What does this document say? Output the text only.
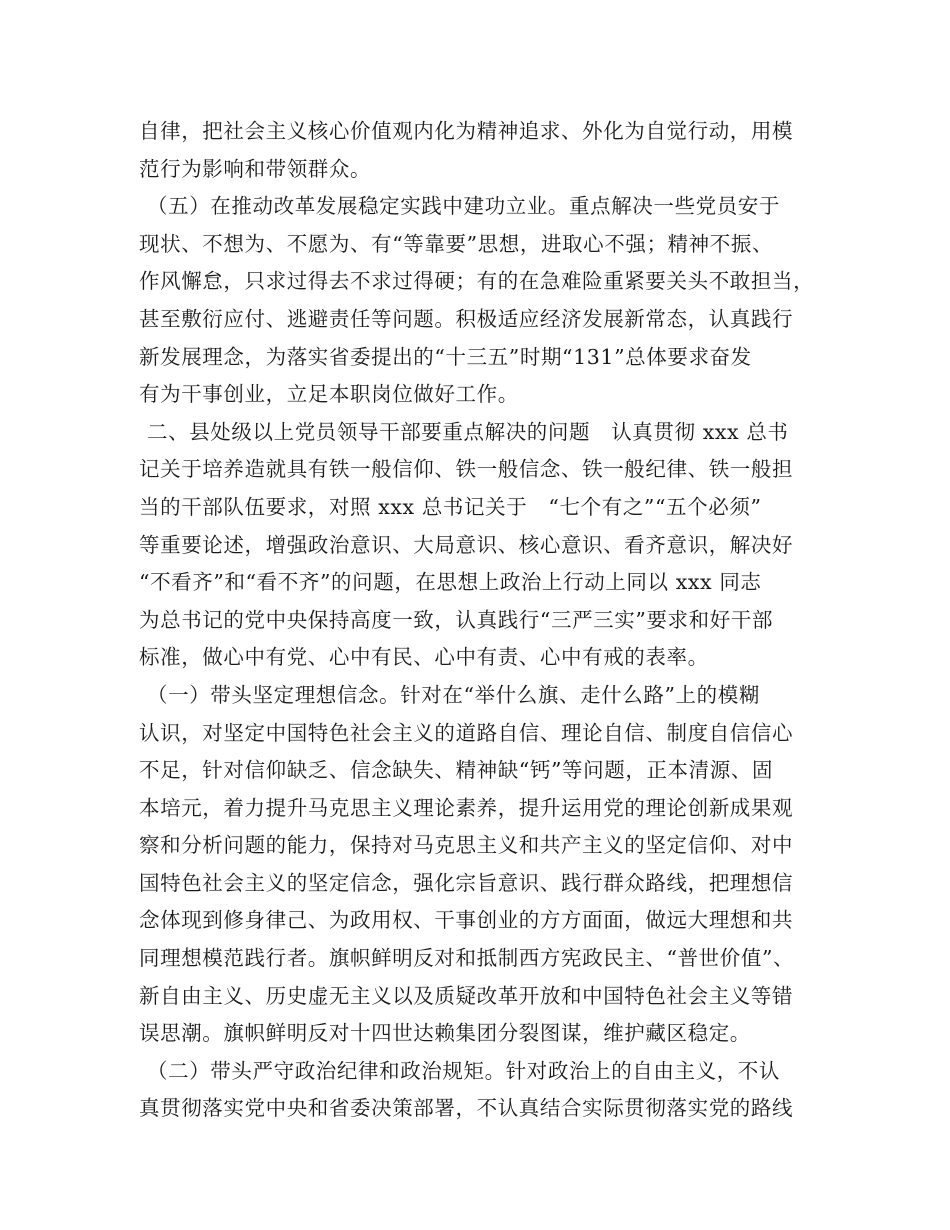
自律，把社会主义核心价值观内化为精神追求、外化为自觉行动，用模
范行为影响和带领群众。
（五）在推动改革发展稳定实践中建功立业。重点解决一些党员安于
现状、不想为、不愿为、有“等靠要”思想，进取心不强；精神不振、
作风懈怠，只求过得去不求过得硬；有的在急难险重紧要关头不敢担当，
甚至敷衍应付、逃避责任等问题。积极适应经济发展新常态，认真践行
新发展理念，为落实省委提出的“十三五”时期“131”总体要求奋发
有为干事创业，立足本职岗位做好工作。
二、县处级以上党员领导干部要重点解决的问题　认真贯彻 xxx 总书
记关于培养造就具有铁一般信仰、铁一般信念、铁一般纪律、铁一般担
当的干部队伍要求，对照 xxx 总书记关于　“七个有之”“五个必须”
等重要论述，增强政治意识、大局意识、核心意识、看齐意识，解决好
“不看齐”和“看不齐”的问题，在思想上政治上行动上同以 xxx 同志
为总书记的党中央保持高度一致，认真践行“三严三实”要求和好干部
标准，做心中有党、心中有民、心中有责、心中有戒的表率。
（一）带头坚定理想信念。针对在“举什么旗、走什么路”上的模糊
认识，对坚定中国特色社会主义的道路自信、理论自信、制度自信信心
不足，针对信仰缺乏、信念缺失、精神缺“钙”等问题，正本清源、固
本培元，着力提升马克思主义理论素养，提升运用党的理论创新成果观
察和分析问题的能力，保持对马克思主义和共产主义的坚定信仰、对中
国特色社会主义的坚定信念，强化宗旨意识、践行群众路线，把理想信
念体现到修身律己、为政用权、干事创业的方方面面，做远大理想和共
同理想模范践行者。旗帜鲜明反对和抵制西方宪政民主、“普世价值”、
新自由主义、历史虚无主义以及质疑改革开放和中国特色社会主义等错
误思潮。旗帜鲜明反对十四世达赖集团分裂图谋，维护藏区稳定。
（二）带头严守政治纪律和政治规矩。针对政治上的自由主义，不认
真贯彻落实党中央和省委决策部署，不认真结合实际贯彻落实党的路线
